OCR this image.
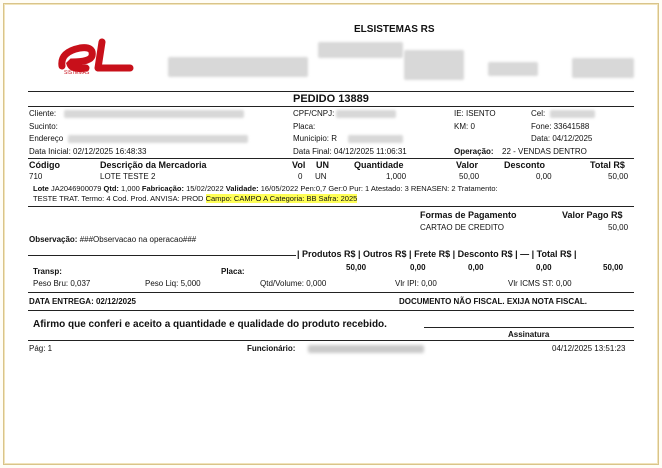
SISTEMAS
ELSISTEMAS RS
PEDIDO 13889
Cliente:
Sucinto:
Endereço
Data Inicial: 02/12/2025 16:48:33
CPF/CNPJ:
Placa:
Municipio: R
Data Final: 04/12/2025 11:06:31
IE: ISENTO
KM: 0
Operação: 22 - VENDAS DENTRO
Cel:
Fone: 33641588
Data: 04/12/2025
Código	Descrição da Mercadoria	Vol UN	Quantidade	Valor	Desconto	Total R$
710	LOTE TESTE 2	0 UN	1,000	50,00	0,00	50,00
Lote JA2046900079 Qtd: 1,000 Fabricação: 15/02/2022 Validade: 16/05/2022 Pen:0,7 Ger:0 Pur: 1 Atestado: 3 RENASEN: 2 Tratamento:
TESTE TRAT. Termo: 4 Cod. Prod. ANVISA: PROD Campo: CAMPO A Categoria: BB Safra: 2025
Formas de Pagamento	Valor Pago R$
CARTAO DE CREDITO	50,00
Observação: ###Observacao na operacao###
| Produtos R$ | Outros R$ | Frete R$ | Desconto R$ | — | Total R$ |
50,00	0,00	0,00	0,00	50,00
Transp:	Placa:
Peso Bru: 0,037	Peso Liq: 5,000	Qtd/Volume: 0,000	Vlr IPI: 0,00	Vlr ICMS ST: 0,00
DATA ENTREGA: 02/12/2025	DOCUMENTO NÃO FISCAL. EXIJA NOTA FISCAL.
Afirmo que conferi e aceito a quantidade e qualidade do produto recebido.
Assinatura
Pág: 1	Funcionário:	04/12/2025 13:51:23
